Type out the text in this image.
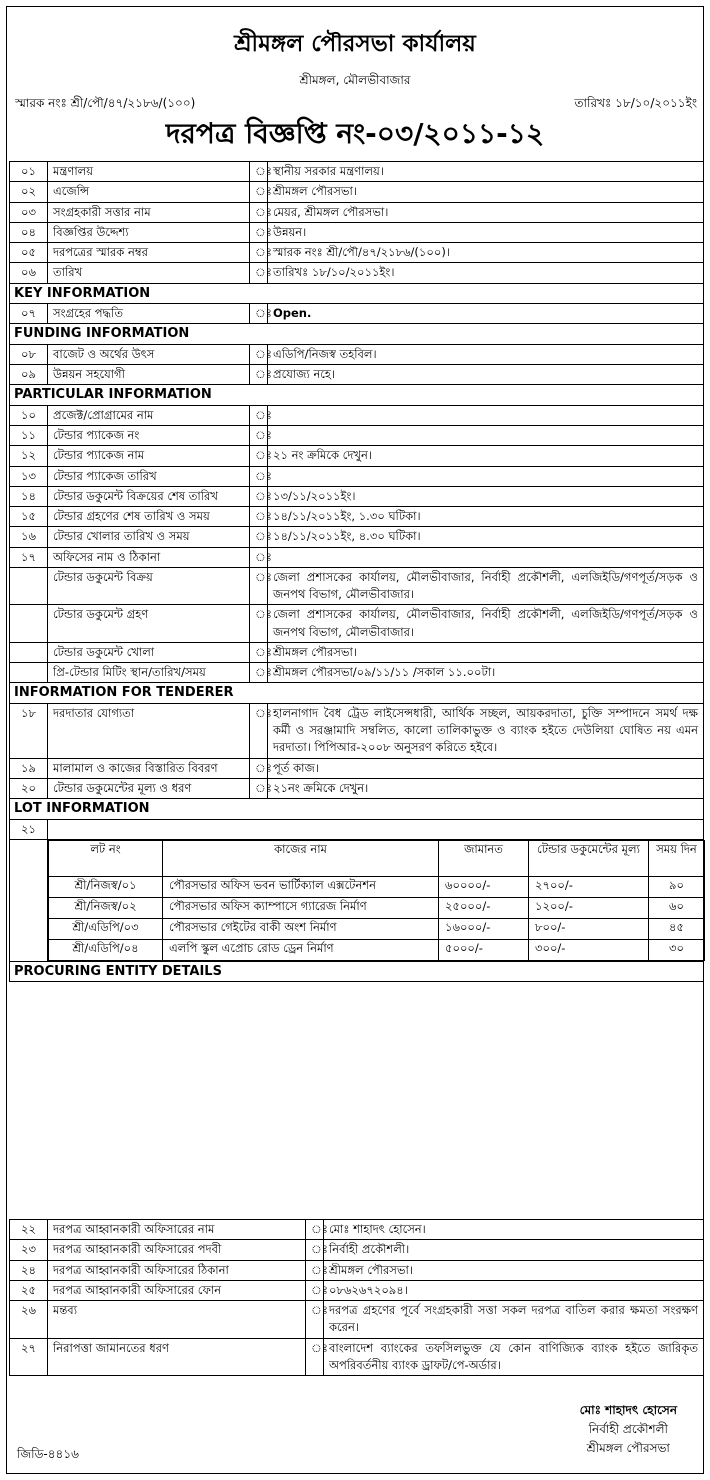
শ্রীমঙ্গল পৌরসভা কার্যালয়
শ্রীমঙ্গল, মৌলভীবাজার
স্মারক নংঃ শ্রী/পৌ/৪৭/২১৮৬/(১০০)	তারিখঃ ১৮/১০/২০১১ইং
দরপত্র বিজ্ঞপ্তি নং-০৩/২০১১-১২
০১	মন্ত্রণালয়	ঃ	স্থানীয় সরকার মন্ত্রণালয়।
০২	এজেন্সি	ঃ	শ্রীমঙ্গল পৌরসভা।
০৩	সংগ্রহকারী সত্তার নাম	ঃ	মেয়র, শ্রীমঙ্গল পৌরসভা।
০৪	বিজ্ঞপ্তির উদ্দেশ্য	ঃ	উন্নয়ন।
০৫	দরপত্রের স্মারক নম্বর	ঃ	স্মারক নংঃ শ্রী/পৌ/৪৭/২১৮৬/(১০০)।
০৬	তারিখ	ঃ	তারিখঃ ১৮/১০/২০১১ইং।
KEY INFORMATION
০৭	সংগ্রহের পদ্ধতি	ঃ	Open.
FUNDING INFORMATION
০৮	বাজেট ও অর্থের উৎস	ঃ	এডিপি/নিজস্ব তহবিল।
০৯	উন্নয়ন সহযোগী	ঃ	প্রযোজ্য নহে।
PARTICULAR INFORMATION
১০	প্রজেক্ট/প্রোগ্রামের নাম	ঃ	
১১	টেন্ডার প্যাকেজ নং	ঃ	
১২	টেন্ডার প্যাকেজ নাম	ঃ	২১ নং ক্রমিকে দেখুন।
১৩	টেন্ডার প্যাকেজ তারিখ	ঃ	
১৪	টেন্ডার ডকুমেন্ট বিক্রয়ের শেষ তারিখ	ঃ	১৩/১১/২০১১ইং।
১৫	টেন্ডার গ্রহণের শেষ তারিখ ও সময়	ঃ	১৪/১১/২০১১ইং, ১.৩০ ঘটিকা।
১৬	টেন্ডার খোলার তারিখ ও সময়	ঃ	১৪/১১/২০১১ইং, ৪.৩০ ঘটিকা।
১৭	অফিসের নাম ও ঠিকানা	ঃ	
	টেন্ডার ডকুমেন্ট বিক্রয়	ঃ	জেলা প্রশাসকের কার্যালয়, মৌলভীবাজার, নির্বাহী প্রকৌশলী, এলজিইডি/গণপূর্ত/সড়ক ও জনপথ বিভাগ, মৌলভীবাজার।
	টেন্ডার ডকুমেন্ট গ্রহণ	ঃ	জেলা প্রশাসকের কার্যালয়, মৌলভীবাজার, নির্বাহী প্রকৌশলী, এলজিইডি/গণপূর্ত/সড়ক ও জনপথ বিভাগ, মৌলভীবাজার।
	টেন্ডার ডকুমেন্ট খোলা	ঃ	শ্রীমঙ্গল পৌরসভা।
	প্রি-টেন্ডার মিটিং স্থান/তারিখ/সময়	ঃ	শ্রীমঙ্গল পৌরসভা/০৯/১১/১১ /সকাল ১১.০০টা।
INFORMATION FOR TENDERER
১৮	দরদাতার যোগ্যতা	ঃ	হালনাগাদ বৈধ ট্রেড লাইসেন্সধারী, আর্থিক সচ্ছল, আয়করদাতা, চুক্তি সম্পাদনে সমর্থ দক্ষ কর্মী ও সরঞ্জামাদি সম্বলিত, কালো তালিকাভুক্ত ও ব্যাংক হইতে দেউলিয়া ঘোষিত নয় এমন দরদাতা। পিপিআর-২০০৮ অনুসরণ করিতে হইবে।
১৯	মালামাল ও কাজের বিস্তারিত বিবরণ	ঃ	পূর্ত কাজ।
২০	টেন্ডার ডকুমেন্টের মূল্য ও ধরণ	ঃ	২১নং ক্রমিকে দেখুন।
LOT INFORMATION
২১	

লট নং	কাজের নাম	জামানত	টেন্ডার ডকুমেন্টের মূল্য	সময় দিন
শ্রী/নিজস্ব/০১	পৌরসভার অফিস ভবন ভার্টিক্যাল এক্সটেনশন	৬০০০০/-	২৭০০/-	৯০
শ্রী/নিজস্ব/০২	পৌরসভার অফিস ক্যাম্পাসে গ্যারেজ নির্মাণ	২৫০০০/-	১২০০/-	৬০
শ্রী/এডিপি/০৩	পৌরসভার গেইটের বাকী অংশ নির্মাণ	১৬০০০/-	৮০০/-	৪৫
শ্রী/এডিপি/০৪	এলপি স্কুল এপ্রোচ রোড ড্রেন নির্মাণ	৫০০০/-	৩০০/-	৩০

PROCURING ENTITY DETAILS
২২	দরপত্র আহ্বানকারী অফিসারের নাম	ঃ	মোঃ শাহাদৎ হোসেন।
২৩	দরপত্র আহ্বানকারী অফিসারের পদবী	ঃ	নির্বাহী প্রকৌশলী।
২৪	দরপত্র আহ্বানকারী অফিসারের ঠিকানা	ঃ	শ্রীমঙ্গল পৌরসভা।
২৫	দরপত্র আহ্বানকারী অফিসারের ফোন	ঃ	০৮৬২৬৭২০৯৪।
২৬	মন্তব্য	ঃ	দরপত্র গ্রহণের পূর্বে সংগ্রহকারী সত্তা সকল দরপত্র বাতিল করার ক্ষমতা সংরক্ষণ করেন।
২৭	নিরাপত্তা জামানতের ধরণ	ঃ	বাংলাদেশ ব্যাংকের তফসিলভুক্ত যে কোন বাণিজ্যিক ব্যাংক হইতে জারিকৃত অপরিবর্তনীয় ব্যাংক ড্রাফট/পে-অর্ডার।
মোঃ শাহাদৎ হোসেন
নির্বাহী প্রকৌশলী
শ্রীমঙ্গল পৌরসভা
জিডি-৪৪১৬
